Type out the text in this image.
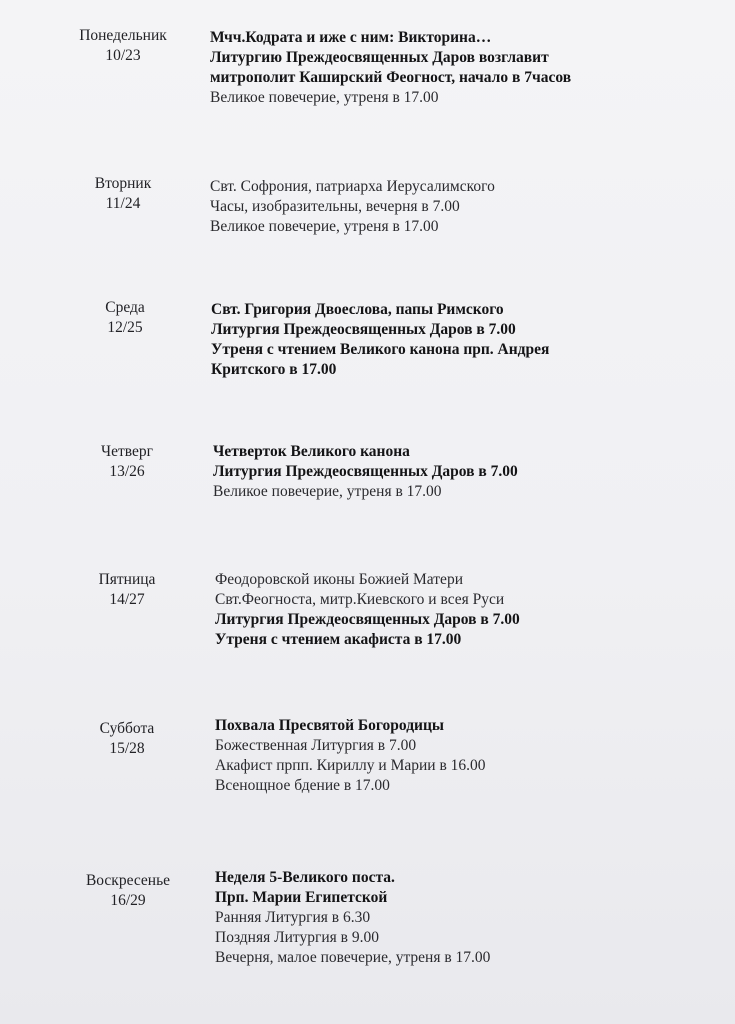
Понедельник
10/23
Мчч.Кодрата и иже с ним: Викторина…
Литургию Преждеосвященных Даров возглавит
митрополит Каширский Феогност, начало в 7часов
Великое повечерие, утреня в 17.00
Вторник
11/24
Свт. Софрония, патриарха Иерусалимского
Часы, изобразительны, вечерня в 7.00
Великое повечерие, утреня в 17.00
Среда
12/25
Свт. Григория Двоеслова, папы Римского
Литургия Преждеосвященных Даров в 7.00
Утреня с чтением Великого канона прп. Андрея
Критского в 17.00
Четверг
13/26
Четверток Великого канона
Литургия Преждеосвященных Даров в 7.00
Великое повечерие, утреня в 17.00
Пятница
14/27
Феодоровской иконы Божией Матери
Свт.Феогноста, митр.Киевского и всея Руси
Литургия Преждеосвященных Даров в 7.00
Утреня с чтением акафиста в 17.00
Суббота
15/28
Похвала Пресвятой Богородицы
Божественная Литургия в 7.00
Акафист прпп. Кириллу и Марии в 16.00
Всенощное бдение в 17.00
Воскресенье
16/29
Неделя 5-Великого поста.
Прп. Марии Египетской
Ранняя Литургия в 6.30
Поздняя Литургия в 9.00
Вечерня, малое повечерие, утреня в 17.00
